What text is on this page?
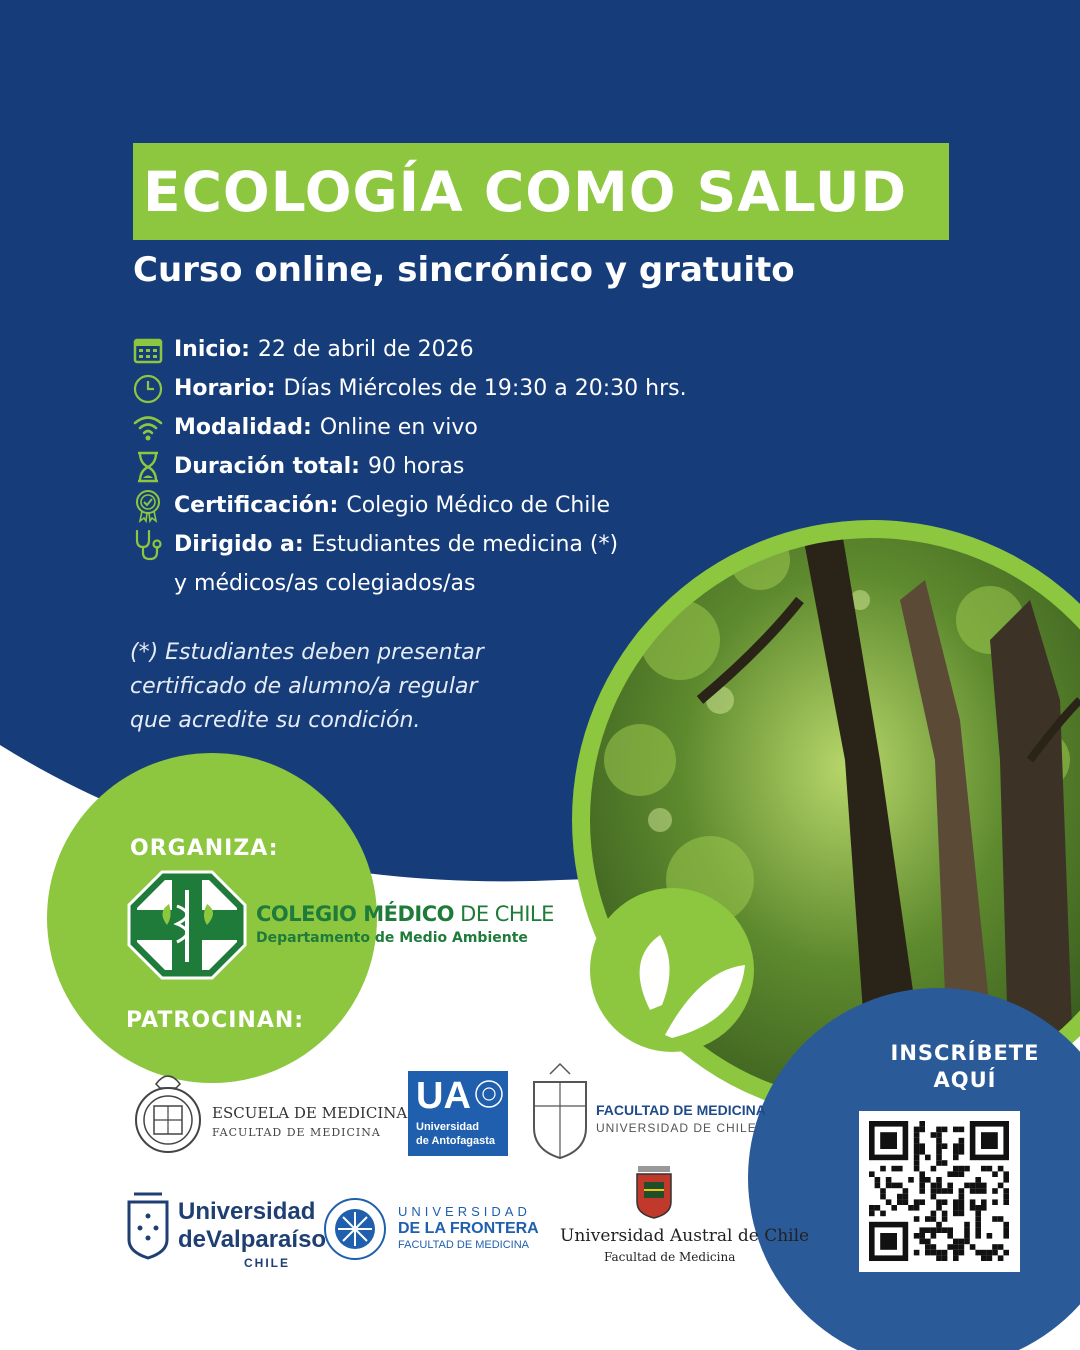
ECOLOGÍA COMO SALUD
Curso online, sincrónico y gratuito
Inicio: 22 de abril de 2026
Horario: Días Miércoles de 19:30 a 20:30 hrs.
Modalidad: Online en vivo
Duración total: 90 horas
Certificación: Colegio Médico de Chile
Dirigido a: Estudiantes de medicina (*)
y médicos/as colegiados/as
(*) Estudiantes deben presentar
certificado de alumno/a regular
que acredite su condición.
ORGANIZA:
COLEGIO MÉDICO DE CHILE
Departamento de Medio Ambiente
PATROCINAN:
ESCUELA DE MEDICINA
FACULTAD DE MEDICINA
UA
Universidad
de Antofagasta
FACULTAD DE MEDICINA
UNIVERSIDAD DE CHILE
Universidad
deValparaíso
CHILE
UNIVERSIDAD
DE LA FRONTERA
FACULTAD DE MEDICINA Universidad Austral de Chile
Facultad de Medicina
INSCRÍBETE
AQUÍ
